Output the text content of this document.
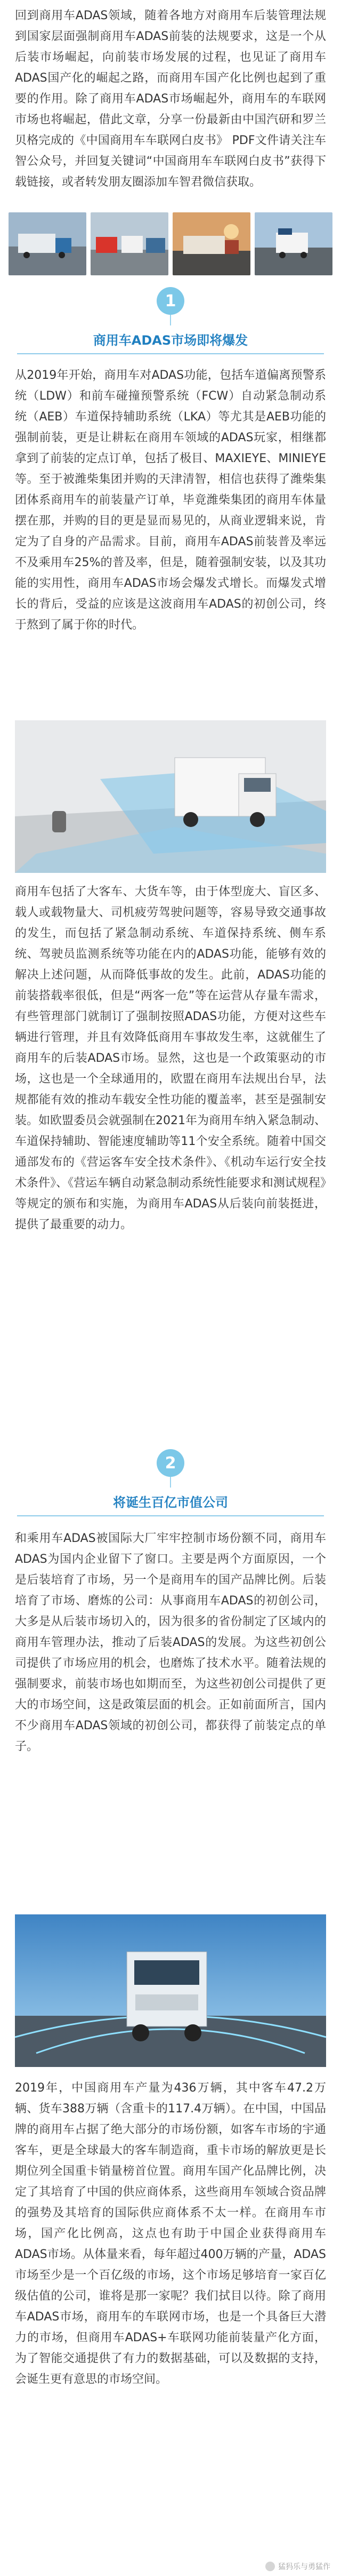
回到商用车ADAS领域，随着各地方对商用车后装管理法规到国家层面强制商用车ADAS前装的法规要求，这是一个从后装市场崛起，向前装市场发展的过程，也见证了商用车ADAS国产化的崛起之路，而商用车国产化比例也起到了重要的作用。除了商用车ADAS市场崛起外，商用车的车联网市场也将崛起，借此文章，分享一份最新由中国汽研和罗兰贝格完成的《中国商用车车联网白皮书》 PDF文件请关注车智公众号，并回复关键词“中国商用车车联网白皮书”获得下载链接，或者转发朋友圈添加车智君微信获取。

1
商用车ADAS市场即将爆发

从2019年开始，商用车对ADAS功能，包括车道偏离预警系统（LDW）和前车碰撞预警系统（FCW）自动紧急制动系统（AEB）车道保持辅助系统（LKA）等尤其是AEB功能的强制前装，更是让耕耘在商用车领域的ADAS玩家，相继都拿到了前装的定点订单，包括了极目、MAXIEYE、MINIEYE等。至于被潍柴集团并购的天津清智，相信也获得了潍柴集团体系商用车的前装量产订单，毕竟潍柴集团的商用车体量摆在那，并购的目的更是显而易见的，从商业逻辑来说，肯定为了自身的产品需求。目前，商用车ADAS前装普及率远不及乘用车25%的普及率，但是，随着强制安装，以及其功能的实用性，商用车ADAS市场会爆发式增长。而爆发式增长的背后，受益的应该是这波商用车ADAS的初创公司，终于熬到了属于你的时代。

商用车包括了大客车、大货车等，由于体型庞大、盲区多、载人或载物量大、司机疲劳驾驶问题等，容易导致交通事故的发生，而包括了紧急制动系统、车道保持系统、侧车系统、驾驶员监测系统等功能在内的ADAS功能，能够有效的解决上述问题，从而降低事故的发生。此前，ADAS功能的前装搭载率很低，但是“两客一危”等在运营从存量车需求，有些管理部门就制订了强制按照ADAS功能，方便对这些车辆进行管理，并且有效降低商用车事故发生率，这就催生了商用车的后装ADAS市场。显然，这也是一个政策驱动的市场，这也是一个全球通用的，欧盟在商用车法规出台早，法规都能有效的推动车载安全性功能的覆盖率，甚至是强制安装。如欧盟委员会就强制在2021年为商用车纳入紧急制动、车道保持辅助、智能速度辅助等11个安全系统。随着中国交通部发布的《营运客车安全技术条件》、《机动车运行安全技术条件》、《营运车辆自动紧急制动系统性能要求和测试规程》等规定的颁布和实施，为商用车ADAS从后装向前装挺进，提供了最重要的动力。

2
将诞生百亿市值公司

和乘用车ADAS被国际大厂牢牢控制市场份额不同，商用车ADAS为国内企业留下了窗口。主要是两个方面原因，一个是后装培育了市场，另一个是商用车的国产品牌比例。后装培育了市场、磨炼的公司：从事商用车ADAS的初创公司，大多是从后装市场切入的，因为很多的省份制定了区域内的商用车管理办法，推动了后装ADAS的发展。为这些初创公司提供了市场应用的机会，也磨炼了技术水平。随着法规的强制要求，前装市场也如期而至，为这些初创公司提供了更大的市场空间，这是政策层面的机会。正如前面所言，国内不少商用车ADAS领域的初创公司，都获得了前装定点的单子。

2019年，中国商用车产量为436万辆，其中客车47.2万辆、货车388万辆（含重卡的117.4万辆）。在中国，中国品牌的商用车占据了绝大部分的市场份额，如客车市场的宇通客车，更是全球最大的客车制造商，重卡市场的解放更是长期位列全国重卡销量榜首位置。商用车国产化品牌比例，决定了其培育了中国的供应商体系，这些商用车领域合资品牌的强势及其培育的国际供应商体系不太一样。在商用车市场，国产化比例高，这点也有助于中国企业获得商用车ADAS市场。从体量来看，每年超过400万辆的产量，ADAS市场至少是一个百亿级的市场，这个市场足够培育一家百亿级估值的公司，谁将是那一家呢？我们拭目以待。除了商用车ADAS市场，商用车的车联网市场，也是一个具备巨大潜力的市场，但商用车ADAS+车联网功能前装量产化方面，为了智能交通提供了有力的数据基础，可以及数据的支持，会诞生更有意思的市场空间。

猛犸乐与勇猛作
